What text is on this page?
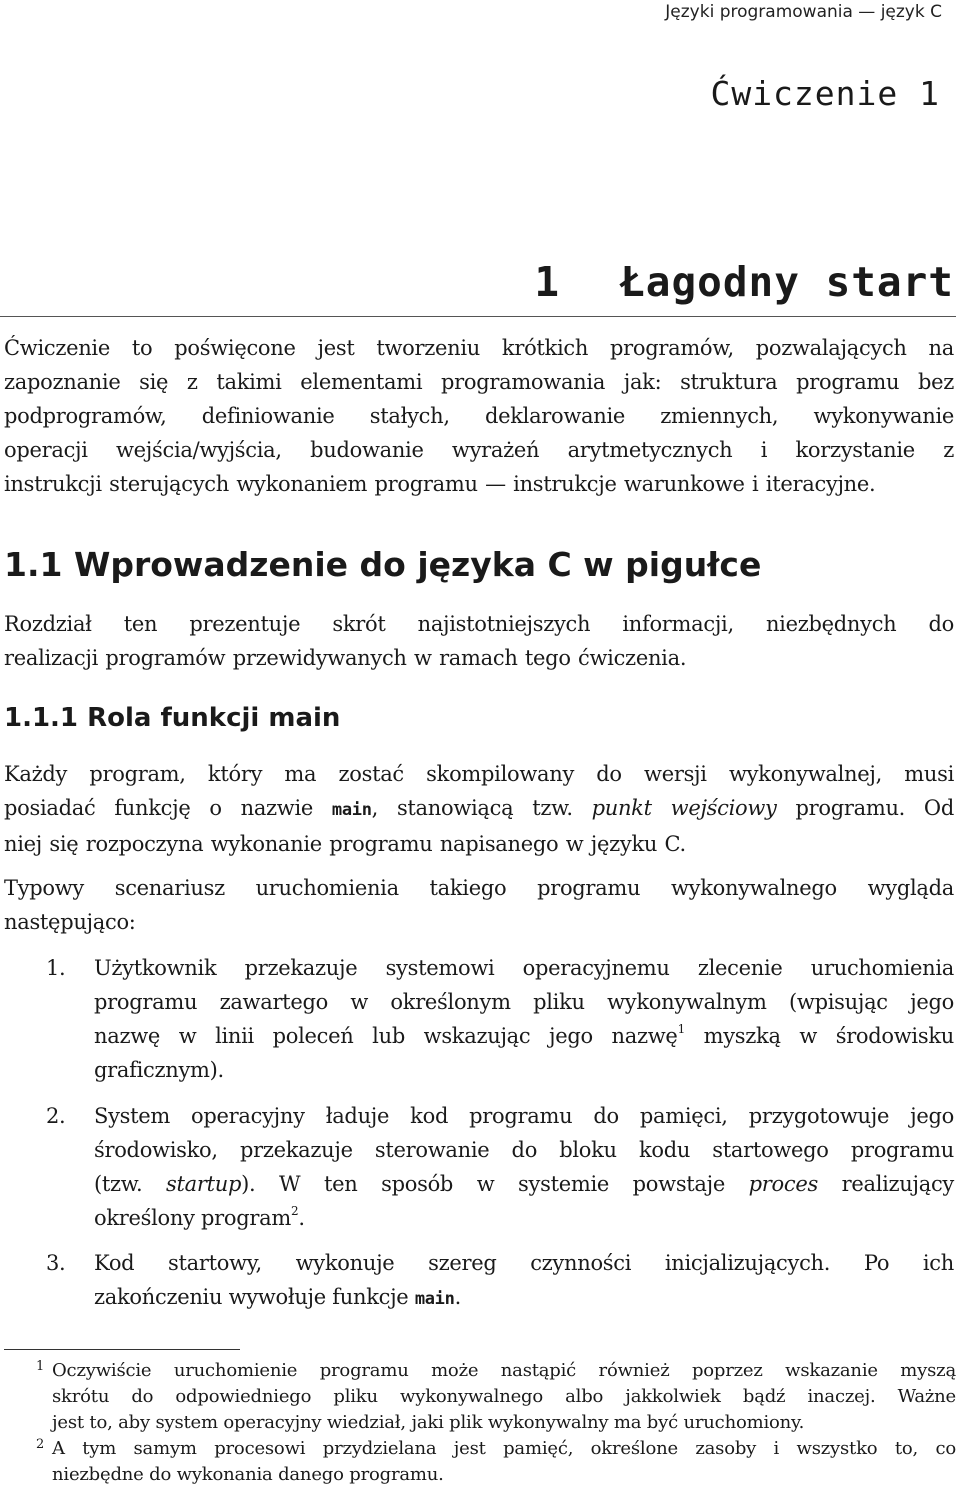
Języki programowania — język C
Ćwiczenie 1
1 Łagodny start
Ćwiczenie to poświęcone jest tworzeniu krótkich programów, pozwalających na
zapoznanie się z takimi elementami programowania jak: struktura programu bez
podprogramów, definiowanie stałych, deklarowanie zmiennych, wykonywanie
operacji wejścia/wyjścia, budowanie wyrażeń arytmetycznych i korzystanie z
instrukcji sterujących wykonaniem programu — instrukcje warunkowe i iteracyjne.
1.1 Wprowadzenie do języka C w pigułce
Rozdział ten prezentuje skrót najistotniejszych informacji, niezbędnych do
realizacji programów przewidywanych w ramach tego ćwiczenia.
1.1.1 Rola funkcji main
Każdy program, który ma zostać skompilowany do wersji wykonywalnej, musi
posiadać funkcję o nazwie main, stanowiącą tzw. punkt wejściowy programu. Od
niej się rozpoczyna wykonanie programu napisanego w języku C.
Typowy scenariusz uruchomienia takiego programu wykonywalnego wygląda
następująco:
1. Użytkownik przekazuje systemowi operacyjnemu zlecenie uruchomienia
programu zawartego w określonym pliku wykonywalnym (wpisując jego
nazwę w linii poleceń lub wskazując jego nazwę$^1$ myszką w środowisku
graficznym).
2. System operacyjny ładuje kod programu do pamięci, przygotowuje jego
środowisko, przekazuje sterowanie do bloku kodu startowego programu
(tzw. startup). W ten sposób w systemie powstaje proces realizujący
określony program$^2$.
3. Kod startowy, wykonuje szereg czynności inicjalizujących. Po ich
zakończeniu wywołuje funkcje main.
1 Oczywiście uruchomienie programu może nastąpić również poprzez wskazanie myszą
skrótu do odpowiedniego pliku wykonywalnego albo jakkolwiek bądź inaczej. Ważne
jest to, aby system operacyjny wiedział, jaki plik wykonywalny ma być uruchomiony.
2 A tym samym procesowi przydzielana jest pamięć, określone zasoby i wszystko to, co
niezbędne do wykonania danego programu.
